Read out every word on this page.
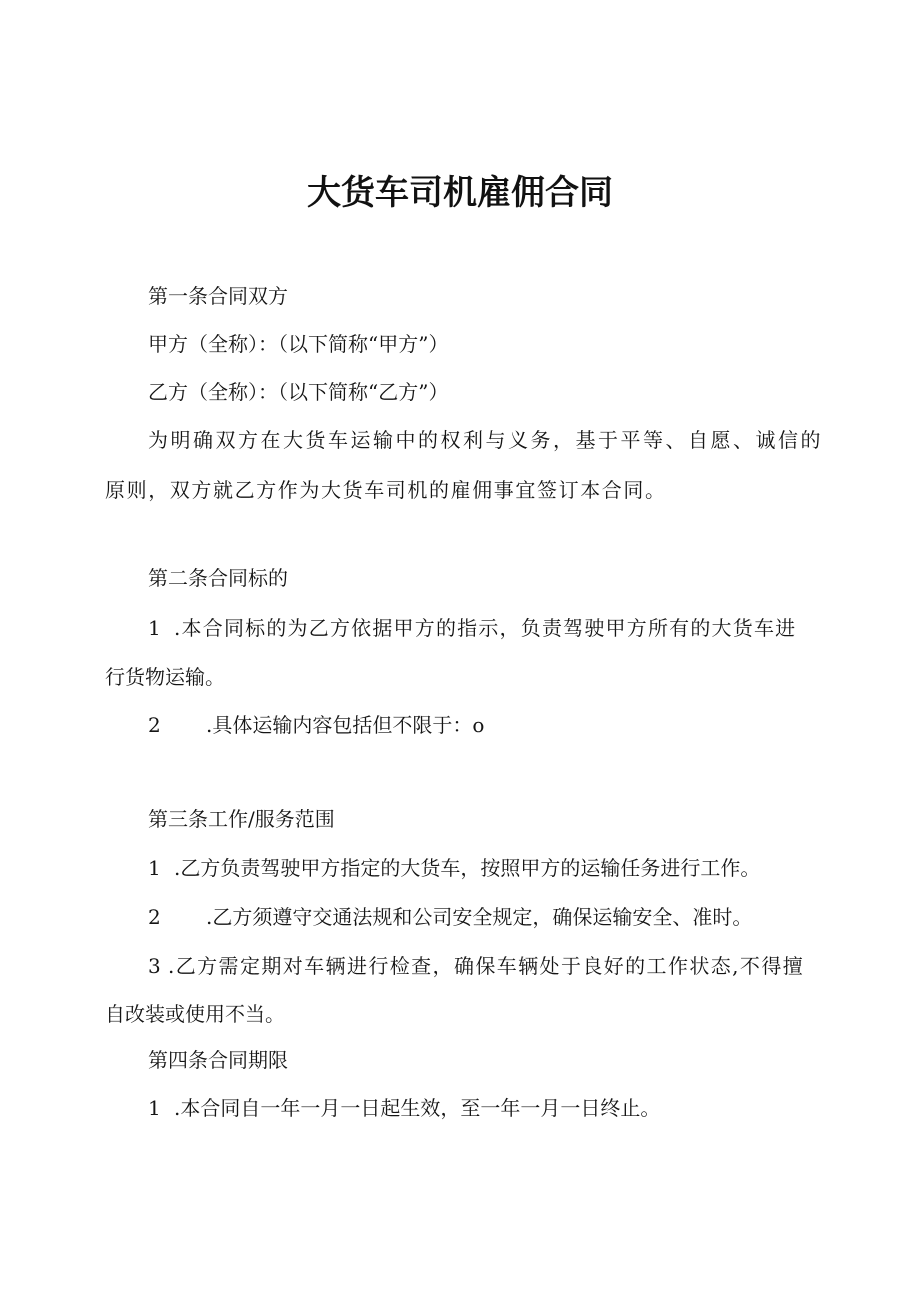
大货车司机雇佣合同
第一条合同双方
甲方（全称）：（以下简称“甲方”）
乙方（全称）：（以下简称“乙方”）
为明确双方在大货车运输中的权利与义务，基于平等、自愿、诚信的
原则，双方就乙方作为大货车司机的雇佣事宜签订本合同。
第二条合同标的
1 .本合同标的为乙方依据甲方的指示，负责驾驶甲方所有的大货车进
行货物运输。
2 .具体运输内容包括但不限于：o
第三条工作/服务范围
1 .乙方负责驾驶甲方指定的大货车，按照甲方的运输任务进行工作。
2 .乙方须遵守交通法规和公司安全规定，确保运输安全、准时。
3 .乙方需定期对车辆进行检查，确保车辆处于良好的工作状态,不得擅
自改装或使用不当。
第四条合同期限
1 .本合同自一年一月一日起生效，至一年一月一日终止。
